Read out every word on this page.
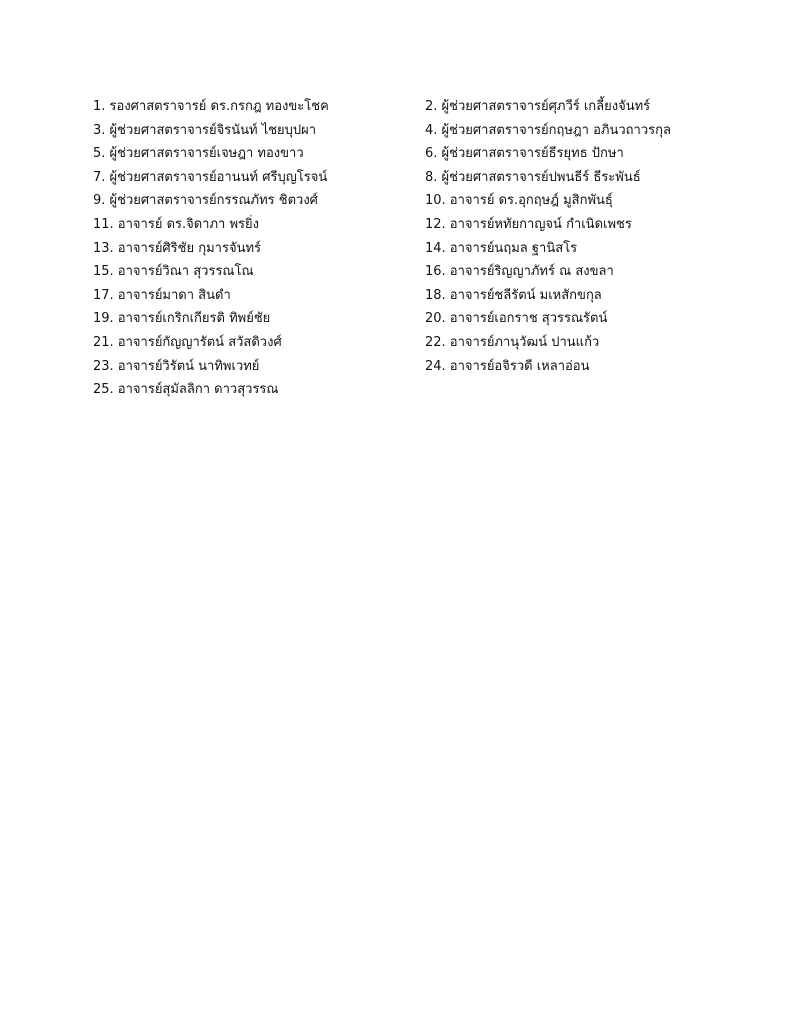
1. รองศาสตราจารย์ ดร.กรกฎ ทองขะโชค	2. ผู้ช่วยศาสตราจารย์ศุภวีร์ เกลี้ยงจันทร์
3. ผู้ช่วยศาสตราจารย์จิรนันท์ ไชยบุปผา	4. ผู้ช่วยศาสตราจารย์กฤษฎา อภินวถาวรกุล
5. ผู้ช่วยศาสตราจารย์เจษฎา ทองขาว	6. ผู้ช่วยศาสตราจารย์ธีรยุทธ ปักษา
7. ผู้ช่วยศาสตราจารย์อานนท์ ศรีบุญโรจน์	8. ผู้ช่วยศาสตราจารย์ปพนธีร์ ธีระพันธ์
9. ผู้ช่วยศาสตราจารย์กรรณภัทร ชิตวงศ์	10. อาจารย์ ดร.อุกฤษฎ์ มูสิกพันธุ์
11. อาจารย์ ดร.จิดาภา พรยิ่ง	12. อาจารย์หทัยกาญจน์ กำเนิดเพชร
13. อาจารย์ศิริชัย กุมารจันทร์	14. อาจารย์นฤมล ฐานิสโร
15. อาจารย์วิณา สุวรรณโณ	16. อาจารย์ริญญาภัทร์ ณ สงขลา
17. อาจารย์มาดา สินดำ	18. อาจารย์ชลีรัตน์ มเหสักขกุล
19. อาจารย์เกริกเกียรติ ทิพย์ชัย	20. อาจารย์เอกราช สุวรรณรัตน์
21. อาจารย์กัญญารัตน์ สวัสดิวงศ์	22. อาจารย์ภานุวัฒน์ ปานแก้ว
23. อาจารย์วิรัตน์ นาทิพเวทย์	24. อาจารย์อจิรวดี เหลาอ่อน
25. อาจารย์สุมัลลิกา ดาวสุวรรณ
